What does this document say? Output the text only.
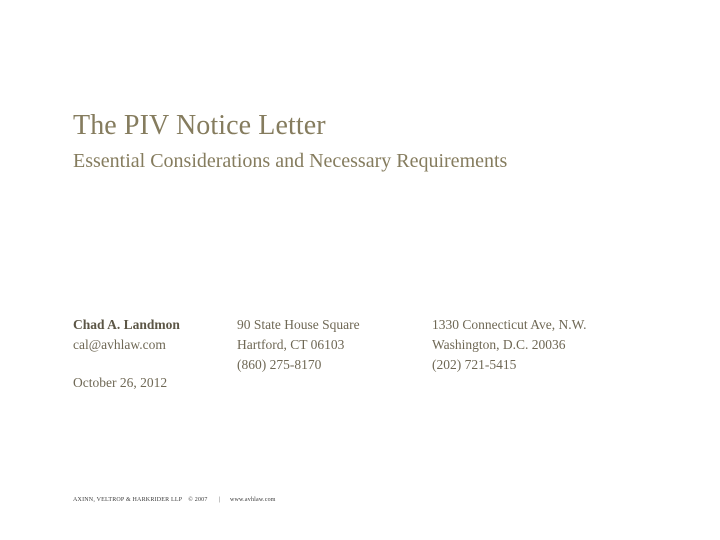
The PIV Notice Letter
Essential Considerations and Necessary Requirements
Chad A. Landmon
cal@avhlaw.com
90 State House Square
Hartford, CT 06103
(860) 275-8170
1330 Connecticut Ave, N.W.
Washington, D.C. 20036
(202) 721-5415
October 26, 2012
AXINN, VELTROP & HARKRIDER LLP © 2007 | www.avhlaw.com
